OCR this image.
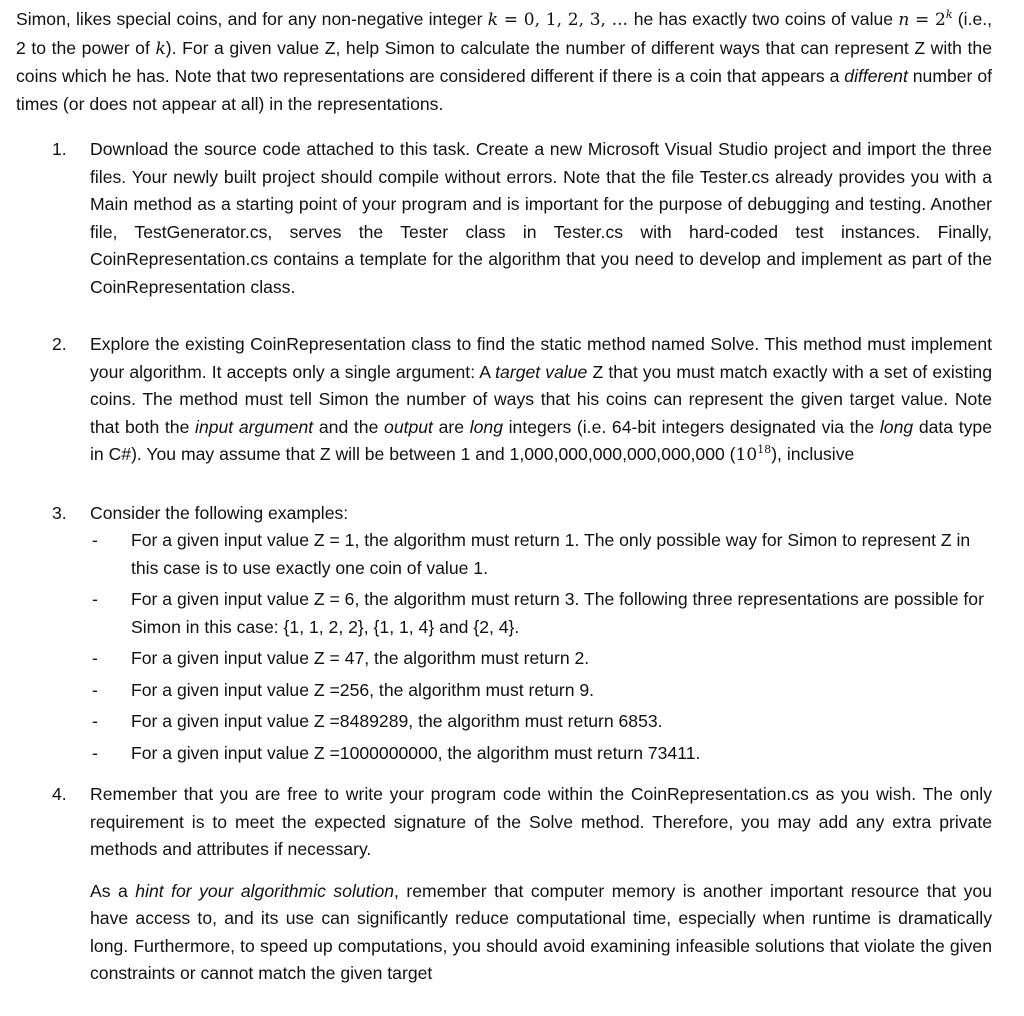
Simon, likes special coins, and for any non-negative integer k = 0, 1, 2, 3, ... he has exactly two coins of value $n = 2^k$ (i.e., 2 to the power of k). For a given value Z, help Simon to calculate the number of different ways that can represent Z with the coins which he has. Note that two representations are considered different if there is a coin that appears a different number of times (or does not appear at all) in the representations.

1. Download the source code attached to this task. Create a new Microsoft Visual Studio project and import the three files. Your newly built project should compile without errors. Note that the file Tester.cs already provides you with a Main method as a starting point of your program and is important for the purpose of debugging and testing. Another file, TestGenerator.cs, serves the Tester class in Tester.cs with hard-coded test instances. Finally, CoinRepresentation.cs contains a template for the algorithm that you need to develop and implement as part of the CoinRepresentation class.

2. Explore the existing CoinRepresentation class to find the static method named Solve. This method must implement your algorithm. It accepts only a single argument: A target value Z that you must match exactly with a set of existing coins. The method must tell Simon the number of ways that his coins can represent the given target value. Note that both the input argument and the output are long integers (i.e. 64-bit integers designated via the long data type in C#). You may assume that Z will be between 1 and 1,000,000,000,000,000,000 $(10^{18})$, inclusive

3. Consider the following examples:

- For a given input value Z = 1, the algorithm must return 1. The only possible way for Simon to represent Z in this case is to use exactly one coin of value 1.

- For a given input value Z = 6, the algorithm must return 3. The following three representations are possible for Simon in this case: {1, 1, 2, 2}, {1, 1, 4} and {2, 4}.

- For a given input value Z = 47, the algorithm must return 2.

- For a given input value Z =256, the algorithm must return 9.

- For a given input value Z =8489289, the algorithm must return 6853.

- For a given input value Z =1000000000, the algorithm must return 73411.

4. Remember that you are free to write your program code within the CoinRepresentation.cs as you wish. The only requirement is to meet the expected signature of the Solve method. Therefore, you may add any extra private methods and attributes if necessary.

As a hint for your algorithmic solution, remember that computer memory is another important resource that you have access to, and its use can significantly reduce computational time, especially when runtime is dramatically long. Furthermore, to speed up computations, you should avoid examining infeasible solutions that violate the given constraints or cannot match the given target
